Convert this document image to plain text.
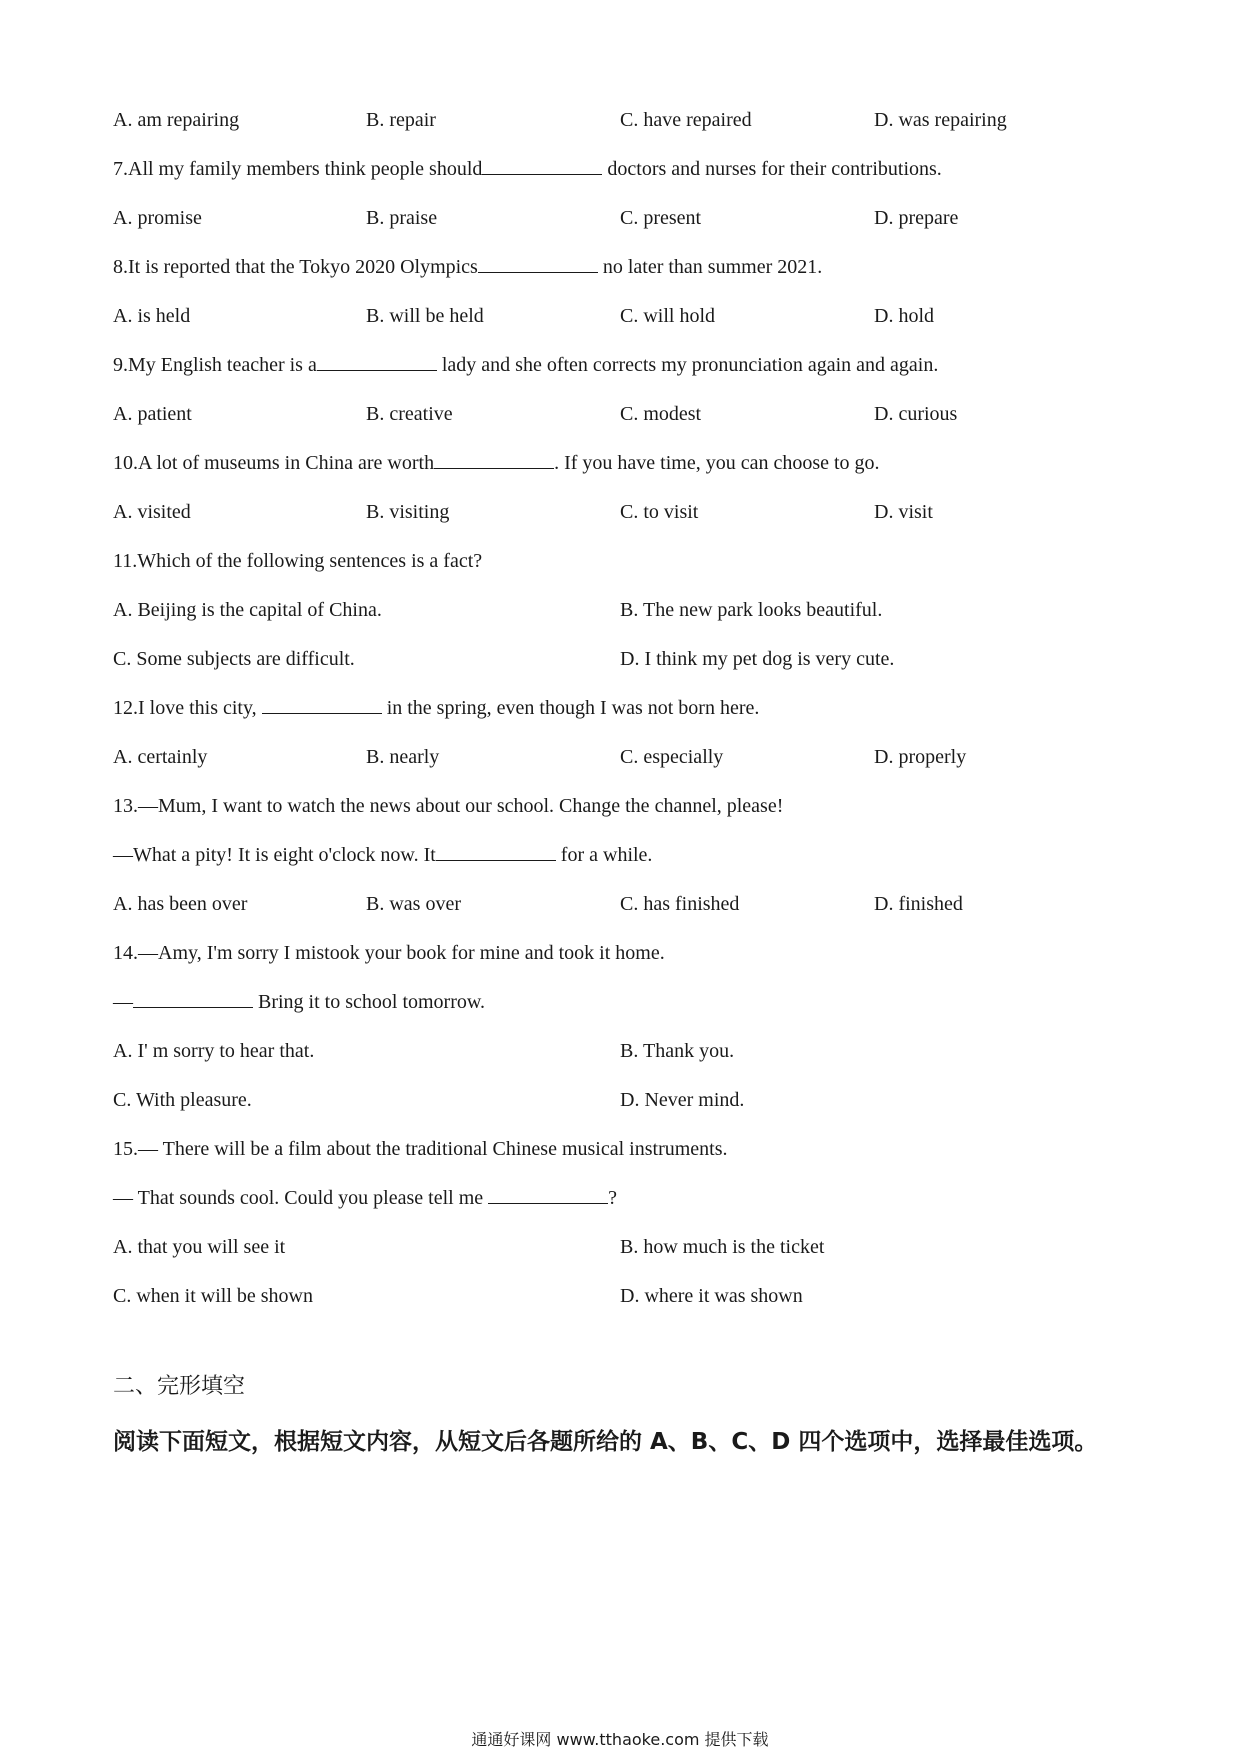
A. am repairing	B. repair	C. have repaired	D. was repairing
7.All my family members think people should	doctors and nurses for their contributions.
A. promise	B. praise	C. present	D. prepare
8.It is reported that the Tokyo 2020 Olympics	no later than summer 2021.
A. is held	B. will be held	C. will hold	D. hold
9.My English teacher is a	lady and she often corrects my pronunciation again and again.
A. patient	B. creative	C. modest	D. curious
10.A lot of museums in China are worth	. If you have time, you can choose to go.
A. visited	B. visiting	C. to visit	D. visit
11.Which of the following sentences is a fact?
A. Beijing is the capital of China.	B. The new park looks beautiful.
C. Some subjects are difficult.	D. I think my pet dog is very cute.
12.I love this city,	in the spring, even though I was not born here.
A. certainly	B. nearly	C. especially	D. properly
13.—Mum, I want to watch the news about our school. Change the channel, please!
—What a pity! It is eight o'clock now. It	for a while.
A. has been over	B. was over	C. has finished	D. finished
14.—Amy, I'm sorry I mistook your book for mine and took it home.
—	Bring it to school tomorrow.
A. I' m sorry to hear that.	B. Thank you.
C. With pleasure.	D. Never mind.
15.— There will be a film about the traditional Chinese musical instruments.
— That sounds cool. Could you please tell me	?
A. that you will see it	B. how much is the ticket
C. when it will be shown	D. where it was shown
二、完形填空
阅读下面短文，根据短文内容，从短文后各题所给的 A、B、C、D 四个选项中，选择最佳选项。
通通好课网 www.tthaoke.com 提供下载
